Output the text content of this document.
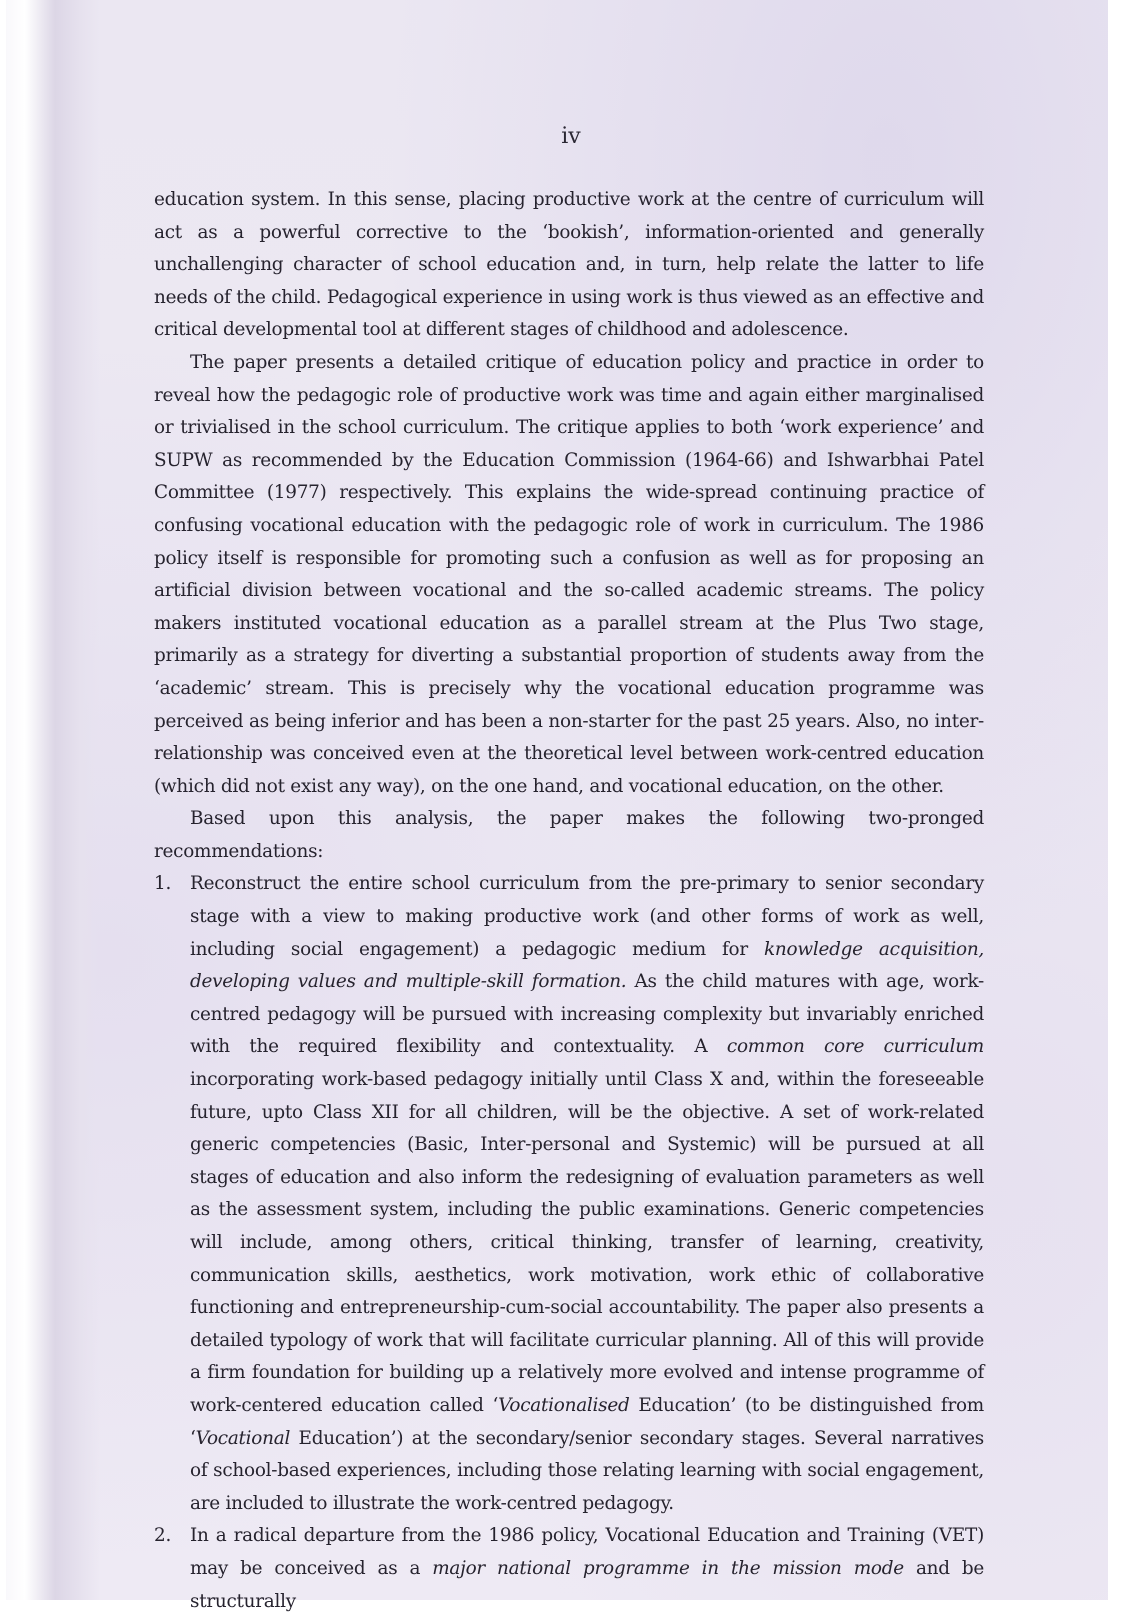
iv

education system. In this sense, placing productive work at the centre of curriculum will act as a powerful corrective to the ‘bookish’, information-oriented and generally unchallenging character of school education and, in turn, help relate the latter to life needs of the child. Pedagogical experience in using work is thus viewed as an effective and critical developmental tool at different stages of childhood and adolescence.

The paper presents a detailed critique of education policy and practice in order to reveal how the pedagogic role of productive work was time and again either marginalised or trivialised in the school curriculum. The critique applies to both ‘work experience’ and SUPW as recommended by the Education Commission (1964-66) and Ishwarbhai Patel Committee (1977) respectively. This explains the wide-spread continuing practice of confusing vocational education with the pedagogic role of work in curriculum. The 1986 policy itself is responsible for promoting such a confusion as well as for proposing an artificial division between vocational and the so-called academic streams. The policy makers instituted vocational education as a parallel stream at the Plus Two stage, primarily as a strategy for diverting a substantial proportion of students away from the ‘academic’ stream. This is precisely why the vocational education programme was perceived as being inferior and has been a non-starter for the past 25 years. Also, no inter-relationship was conceived even at the theoretical level between work-centred education (which did not exist any way), on the one hand, and vocational education, on the other.

Based upon this analysis, the paper makes the following two-pronged recommendations:

1. Reconstruct the entire school curriculum from the pre-primary to senior secondary stage with a view to making productive work (and other forms of work as well, including social engagement) a pedagogic medium for knowledge acquisition, developing values and multiple-skill formation. As the child matures with age, work-centred pedagogy will be pursued with increasing complexity but invariably enriched with the required flexibility and contextuality. A common core curriculum incorporating work-based pedagogy initially until Class X and, within the foreseeable future, upto Class XII for all children, will be the objective. A set of work-related generic competencies (Basic, Inter-personal and Systemic) will be pursued at all stages of education and also inform the redesigning of evaluation parameters as well as the assessment system, including the public examinations. Generic competencies will include, among others, critical thinking, transfer of learning, creativity, communication skills, aesthetics, work motivation, work ethic of collaborative functioning and entrepreneurship-cum-social accountability. The paper also presents a detailed typology of work that will facilitate curricular planning. All of this will provide a firm foundation for building up a relatively more evolved and intense programme of work-centered education called ‘Vocationalised Education’ (to be distinguished from ‘Vocational Education’) at the secondary/senior secondary stages. Several narratives of school-based experiences, including those relating learning with social engagement, are included to illustrate the work-centred pedagogy.
2. In a radical departure from the 1986 policy, Vocational Education and Training (VET) may be conceived as a major national programme in the mission mode and be structurally
